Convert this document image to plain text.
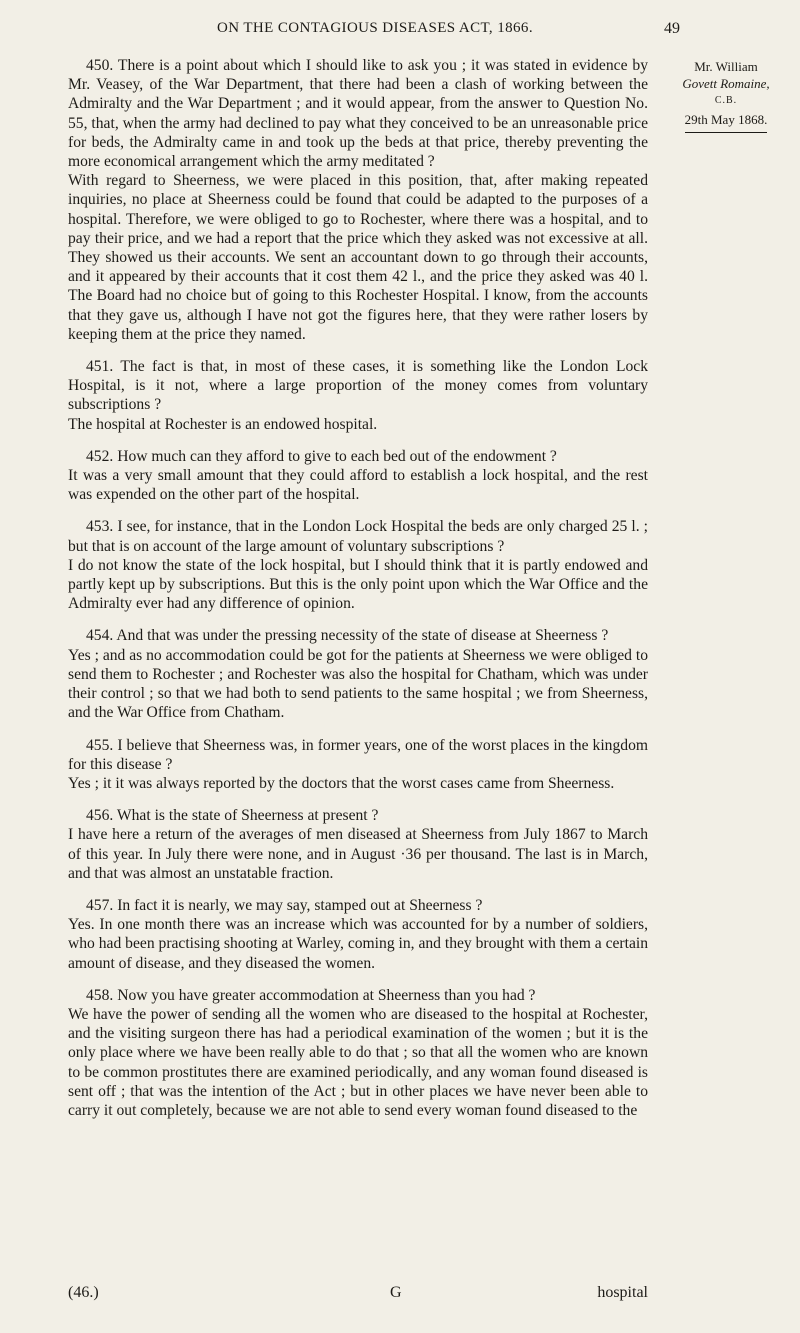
ON THE CONTAGIOUS DISEASES ACT, 1866.	49
Mr. William
Govett Romaine,
C.B.
29th May 1868.

450. There is a point about which I should like to ask you ; it was stated in evidence by Mr. Veasey, of the War Department, that there had been a clash of working between the Admiralty and the War Department ; and it would appear, from the answer to Question No. 55, that, when the army had declined to pay what they conceived to be an unreasonable price for beds, the Admiralty came in and took up the beds at that price, thereby preventing the more economical arrangement which the army meditated ?

With regard to Sheerness, we were placed in this position, that, after making repeated inquiries, no place at Sheerness could be found that could be adapted to the purposes of a hospital. Therefore, we were obliged to go to Rochester, where there was a hospital, and to pay their price, and we had a report that the price which they asked was not excessive at all. They showed us their accounts. We sent an accountant down to go through their accounts, and it appeared by their accounts that it cost them 42 l., and the price they asked was 40 l. The Board had no choice but of going to this Rochester Hospital. I know, from the accounts that they gave us, although I have not got the figures here, that they were rather losers by keeping them at the price they named.

451. The fact is that, in most of these cases, it is something like the London Lock Hospital, is it not, where a large proportion of the money comes from voluntary subscriptions ?

The hospital at Rochester is an endowed hospital.

452. How much can they afford to give to each bed out of the endowment ?

It was a very small amount that they could afford to establish a lock hospital, and the rest was expended on the other part of the hospital.

453. I see, for instance, that in the London Lock Hospital the beds are only charged 25 l. ; but that is on account of the large amount of voluntary subscriptions ?

I do not know the state of the lock hospital, but I should think that it is partly endowed and partly kept up by subscriptions. But this is the only point upon which the War Office and the Admiralty ever had any difference of opinion.

454. And that was under the pressing necessity of the state of disease at Sheerness ?

Yes ; and as no accommodation could be got for the patients at Sheerness we were obliged to send them to Rochester ; and Rochester was also the hospital for Chatham, which was under their control ; so that we had both to send patients to the same hospital ; we from Sheerness, and the War Office from Chatham.

455. I believe that Sheerness was, in former years, one of the worst places in the kingdom for this disease ?

Yes ; it it was always reported by the doctors that the worst cases came from Sheerness.

456. What is the state of Sheerness at present ?

I have here a return of the averages of men diseased at Sheerness from July 1867 to March of this year. In July there were none, and in August ·36 per thousand. The last is in March, and that was almost an unstatable fraction.

457. In fact it is nearly, we may say, stamped out at Sheerness ?

Yes. In one month there was an increase which was accounted for by a number of soldiers, who had been practising shooting at Warley, coming in, and they brought with them a certain amount of disease, and they diseased the women.

458. Now you have greater accommodation at Sheerness than you had ?

We have the power of sending all the women who are diseased to the hospital at Rochester, and the visiting surgeon there has had a periodical examination of the women ; but it is the only place where we have been really able to do that ; so that all the women who are known to be common prostitutes there are examined periodically, and any woman found diseased is sent off ; that was the intention of the Act ; but in other places we have never been able to carry it out completely, because we are not able to send every woman found diseased to the

(46.)	G	hospital
